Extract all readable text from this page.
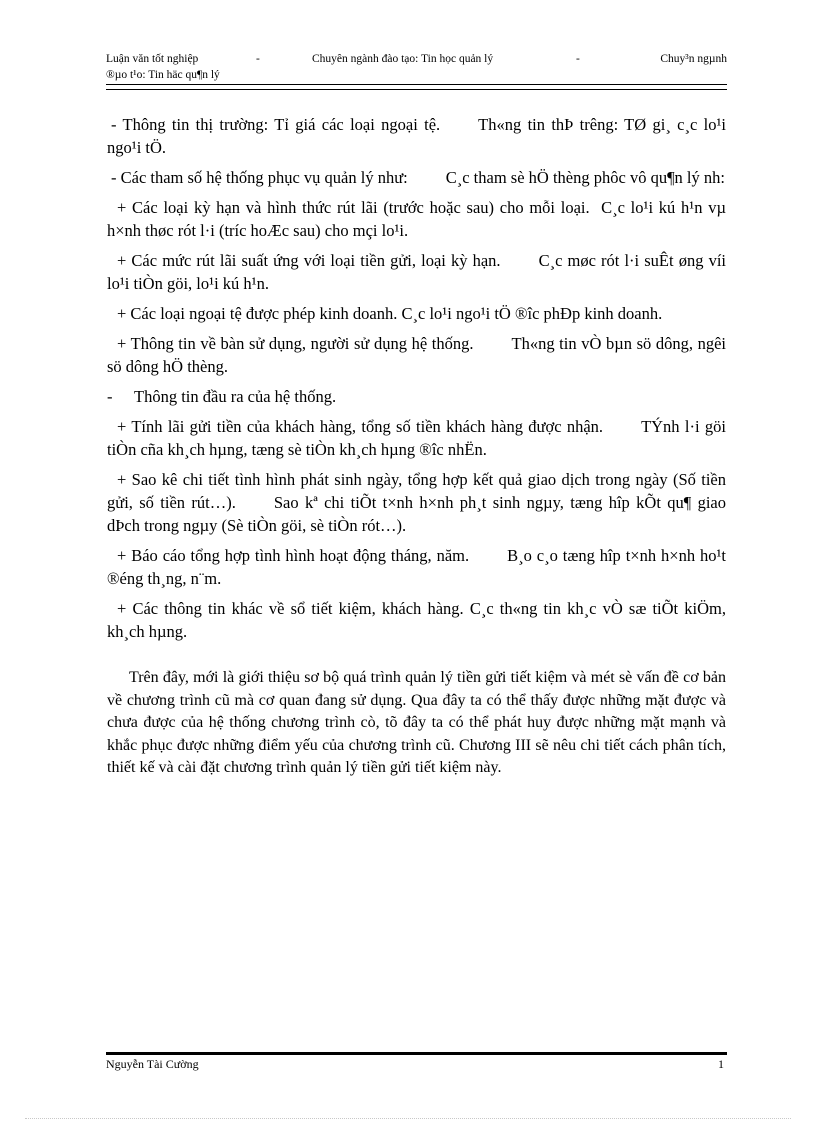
Luận văn tốt nghiệp	-	Chuyên ngành đào tạo: Tin học quản lý	-	Chuy³n ngµnh
®µo t¹o: Tin häc qu¶n lý

- Thông tin thị trường: Tỉ giá các loại ngoại tệ. Th«ng tin thÞ trêng: TØ gi¸ c¸c lo¹i ngo¹i tÖ.

- Các tham số hệ thống phục vụ quản lý như: C¸c tham sè hÖ thèng phôc vô qu¶n lý nh:

+ Các loại kỳ hạn và hình thức rút lãi (trước hoặc sau) cho mỗi loại. C¸c lo¹i kú h¹n vµ h×nh thøc rót l·i (tríc hoÆc sau) cho mçi lo¹i.

+ Các mức rút lãi suất ứng với loại tiền gửi, loại kỳ hạn. C¸c møc rót l·i suÊt øng víi lo¹i tiÒn göi, lo¹i kú h¹n.

+ Các loại ngoại tệ được phép kinh doanh. C¸c lo¹i ngo¹i tÖ ®îc phÐp kinh doanh.

+ Thông tin về bàn sử dụng, người sử dụng hệ thống. Th«ng tin vÒ bµn sö dông, ngêi sö dông hÖ thèng.

- Thông tin đầu ra của hệ thống.

+ Tính lãi gửi tiền của khách hàng, tổng số tiền khách hàng được nhận. TÝnh l·i göi tiÒn cña kh¸ch hµng, tæng sè tiÒn kh¸ch hµng ®îc nhËn.

+ Sao kê chi tiết tình hình phát sinh ngày, tổng hợp kết quả giao dịch trong ngày (Số tiền gửi, số tiền rút…). Sao kª chi tiÕt t×nh h×nh ph¸t sinh ngµy, tæng hîp kÕt qu¶ giao dÞch trong ngµy (Sè tiÒn göi, sè tiÒn rót…).

+ Báo cáo tổng hợp tình hình hoạt động tháng, năm. B¸o c¸o tæng hîp t×nh h×nh ho¹t ®éng th¸ng, n¨m.

+ Các thông tin khác về sổ tiết kiệm, khách hàng. C¸c th«ng tin kh¸c vÒ sæ tiÕt kiÖm, kh¸ch hµng.

Trên đây, mới là giới thiệu sơ bộ quá trình quản lý tiền gửi tiết kiệm và mét sè vấn đề cơ bản về chương trình cũ mà cơ quan đang sử dụng. Qua đây ta có thể thấy được những mặt được và chưa được của hệ thống chương trình cò, tõ đây ta có thể phát huy được những mặt mạnh và khắc phục được những điểm yếu của chương trình cũ. Chương III sẽ nêu chi tiết cách phân tích, thiết kế và cài đặt chương trình quản lý tiền gửi tiết kiệm này.

Nguyễn Tài Cường	1
